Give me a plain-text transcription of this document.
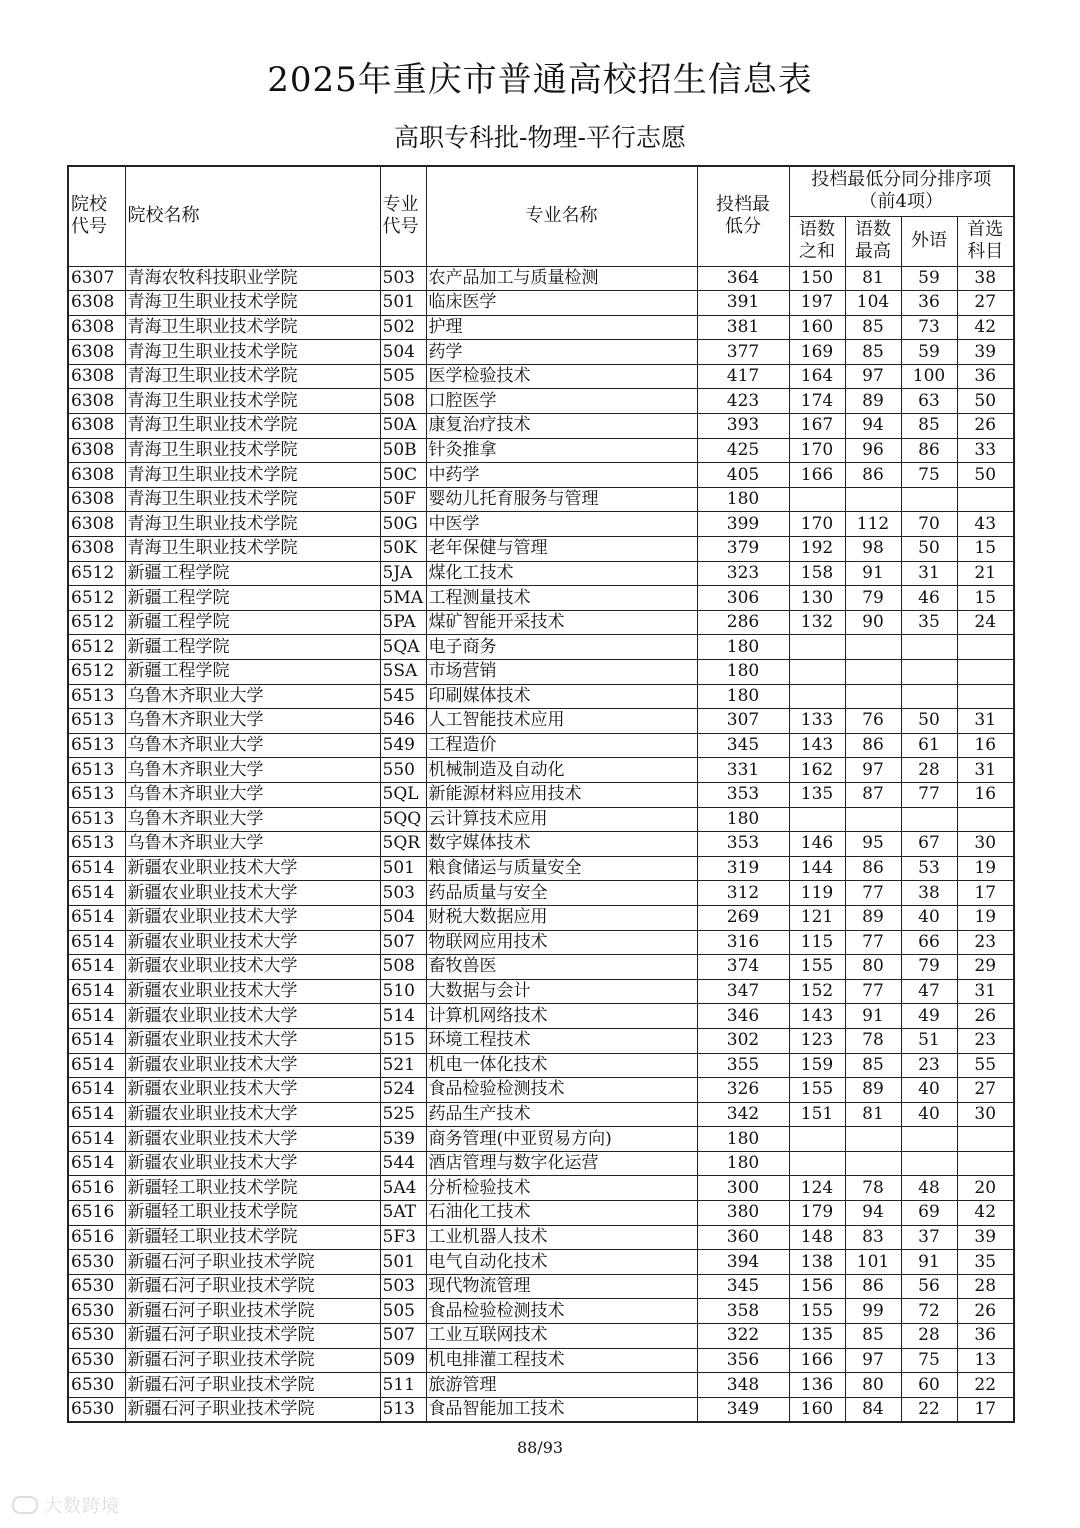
2025年重庆市普通高校招生信息表
高职专科批-物理-平行志愿
院校代号	院校名称	专业代号	专业名称	投档最低分	投档最低分同分排序项（前4项）			
					语数之和	语数最高	外语	首选科目
6307	青海农牧科技职业学院	503	农产品加工与质量检测	364	150	81	59	38
6308	青海卫生职业技术学院	501	临床医学	391	197	104	36	27
6308	青海卫生职业技术学院	502	护理	381	160	85	73	42
6308	青海卫生职业技术学院	504	药学	377	169	85	59	39
6308	青海卫生职业技术学院	505	医学检验技术	417	164	97	100	36
6308	青海卫生职业技术学院	508	口腔医学	423	174	89	63	50
6308	青海卫生职业技术学院	50A	康复治疗技术	393	167	94	85	26
6308	青海卫生职业技术学院	50B	针灸推拿	425	170	96	86	33
6308	青海卫生职业技术学院	50C	中药学	405	166	86	75	50
6308	青海卫生职业技术学院	50F	婴幼儿托育服务与管理	180				
6308	青海卫生职业技术学院	50G	中医学	399	170	112	70	43
6308	青海卫生职业技术学院	50K	老年保健与管理	379	192	98	50	15
6512	新疆工程学院	5JA	煤化工技术	323	158	91	31	21
6512	新疆工程学院	5MA	工程测量技术	306	130	79	46	15
6512	新疆工程学院	5PA	煤矿智能开采技术	286	132	90	35	24
6512	新疆工程学院	5QA	电子商务	180				
6512	新疆工程学院	5SA	市场营销	180				
6513	乌鲁木齐职业大学	545	印刷媒体技术	180				
6513	乌鲁木齐职业大学	546	人工智能技术应用	307	133	76	50	31
6513	乌鲁木齐职业大学	549	工程造价	345	143	86	61	16
6513	乌鲁木齐职业大学	550	机械制造及自动化	331	162	97	28	31
6513	乌鲁木齐职业大学	5QL	新能源材料应用技术	353	135	87	77	16
6513	乌鲁木齐职业大学	5QQ	云计算技术应用	180				
6513	乌鲁木齐职业大学	5QR	数字媒体技术	353	146	95	67	30
6514	新疆农业职业技术大学	501	粮食储运与质量安全	319	144	86	53	19
6514	新疆农业职业技术大学	503	药品质量与安全	312	119	77	38	17
6514	新疆农业职业技术大学	504	财税大数据应用	269	121	89	40	19
6514	新疆农业职业技术大学	507	物联网应用技术	316	115	77	66	23
6514	新疆农业职业技术大学	508	畜牧兽医	374	155	80	79	29
6514	新疆农业职业技术大学	510	大数据与会计	347	152	77	47	31
6514	新疆农业职业技术大学	514	计算机网络技术	346	143	91	49	26
6514	新疆农业职业技术大学	515	环境工程技术	302	123	78	51	23
6514	新疆农业职业技术大学	521	机电一体化技术	355	159	85	23	55
6514	新疆农业职业技术大学	524	食品检验检测技术	326	155	89	40	27
6514	新疆农业职业技术大学	525	药品生产技术	342	151	81	40	30
6514	新疆农业职业技术大学	539	商务管理(中亚贸易方向)	180				
6514	新疆农业职业技术大学	544	酒店管理与数字化运营	180				
6516	新疆轻工职业技术学院	5A4	分析检验技术	300	124	78	48	20
6516	新疆轻工职业技术学院	5AT	石油化工技术	380	179	94	69	42
6516	新疆轻工职业技术学院	5F3	工业机器人技术	360	148	83	37	39
6530	新疆石河子职业技术学院	501	电气自动化技术	394	138	101	91	35
6530	新疆石河子职业技术学院	503	现代物流管理	345	156	86	56	28
6530	新疆石河子职业技术学院	505	食品检验检测技术	358	155	99	72	26
6530	新疆石河子职业技术学院	507	工业互联网技术	322	135	85	28	36
6530	新疆石河子职业技术学院	509	机电排灌工程技术	356	166	97	75	13
6530	新疆石河子职业技术学院	511	旅游管理	348	136	80	60	22
6530	新疆石河子职业技术学院	513	食品智能加工技术	349	160	84	22	17
88/93
大数跨境
